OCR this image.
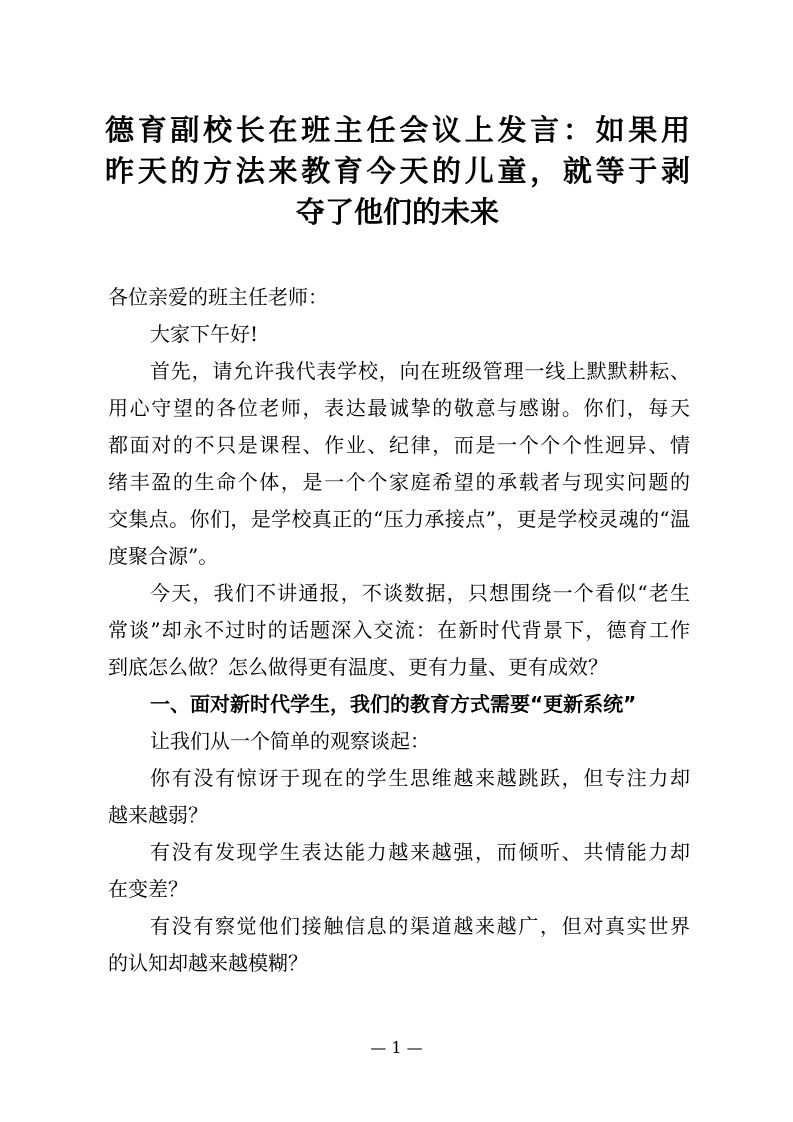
德育副校长在班主任会议上发言：如果用
昨天的方法来教育今天的儿童，就等于剥
夺了他们的未来
各位亲爱的班主任老师：
大家下午好!
首先，请允许我代表学校，向在班级管理一线上默默耕耘、
用心守望的各位老师，表达最诚挚的敬意与感谢。你们，每天
都面对的不只是课程、作业、纪律，而是一个个个性迥异、情
绪丰盈的生命个体，是一个个家庭希望的承载者与现实问题的
交集点。你们，是学校真正的“压力承接点”，更是学校灵魂的“温
度聚合源”。
今天，我们不讲通报，不谈数据，只想围绕一个看似“老生
常谈”却永不过时的话题深入交流：在新时代背景下，德育工作
到底怎么做？怎么做得更有温度、更有力量、更有成效？
一、面对新时代学生，我们的教育方式需要“更新系统”
让我们从一个简单的观察谈起：
你有没有惊讶于现在的学生思维越来越跳跃，但专注力却
越来越弱？
有没有发现学生表达能力越来越强，而倾听、共情能力却
在变差？
有没有察觉他们接触信息的渠道越来越广，但对真实世界
的认知却越来越模糊？
— 1 —
